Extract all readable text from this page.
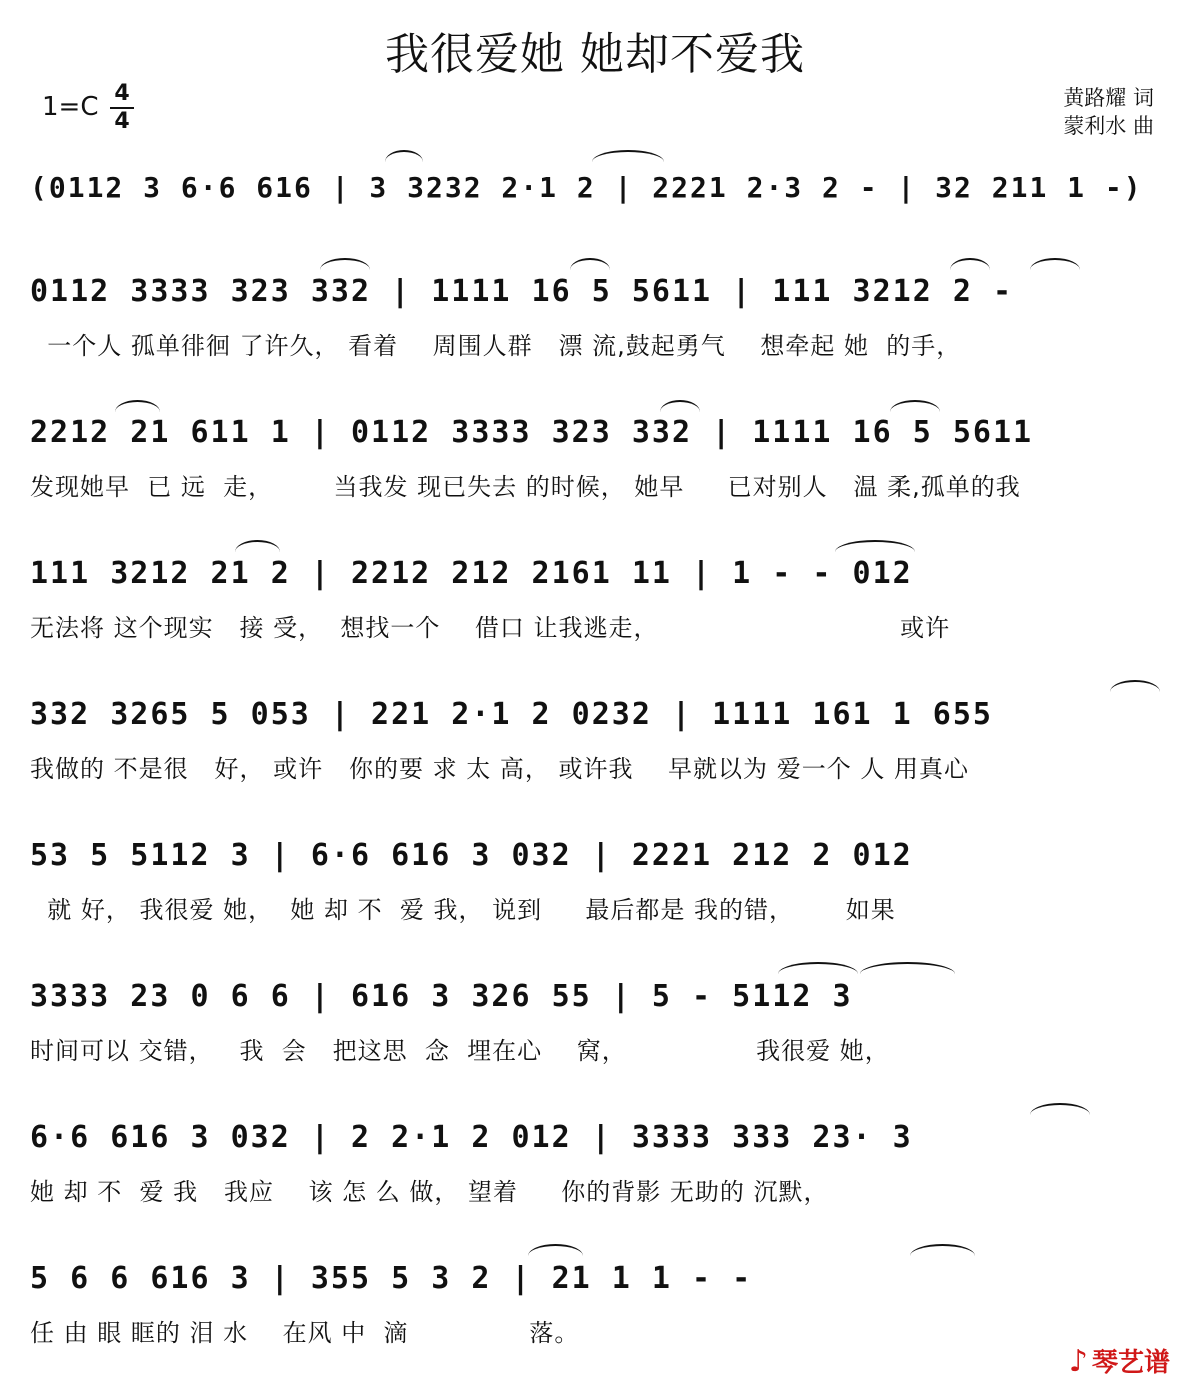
我很爱她 她却不爱我
1=C 4
4
黄路耀 词
蒙利水 曲
(0112 3 6·6 616 | 3 3232 2·1 2 | 2221 2·3 2 - | 32 211 1 -)
0112 3333 323 332 | 1111 16 5 5611 | 111 3212 2 -
一个人 孤单徘徊 了许久， 看着    周围人群   漂 流,鼓起勇气    想牵起 她  的手，
2212 21 611 1 | 0112 3333 323 332 | 1111 16 5 5611
发现她早  已 远  走，       当我发 现已失去 的时候， 她早     已对别人   温 柔,孤单的我
111 3212 21 2 | 2212 212 2161 11 | 1 - - 012
无法将 这个现实   接 受，  想找一个    借口 让我逃走，                            或许
332 3265 5 053 | 221 2·1 2 0232 | 1111 161 1 655
我做的 不是很   好， 或许   你的要 求 太 高， 或许我    早就以为 爱一个 人 用真心
53 5 5112 3 | 6·6 616 3 032 | 2221 212 2 012
就 好， 我很爱 她，  她 却 不  爱 我， 说到     最后都是 我的错，      如果
3333 23 0 6 6 | 616 3 326 55 | 5 - 5112 3
时间可以 交错，   我  会   把这思  念  埋在心    窝，               我很爱 她，
6·6 616 3 032 | 2 2·1 2 012 | 3333 333 23· 3
她 却 不  爱 我   我应    该 怎 么 做， 望着     你的背影 无助的 沉默，
5 6 6 616 3 | 355 5 3 2 | 21 1 1 - -
任 由 眼 眶的 泪 水    在风 中  滴              落。
♪ 琴艺谱
